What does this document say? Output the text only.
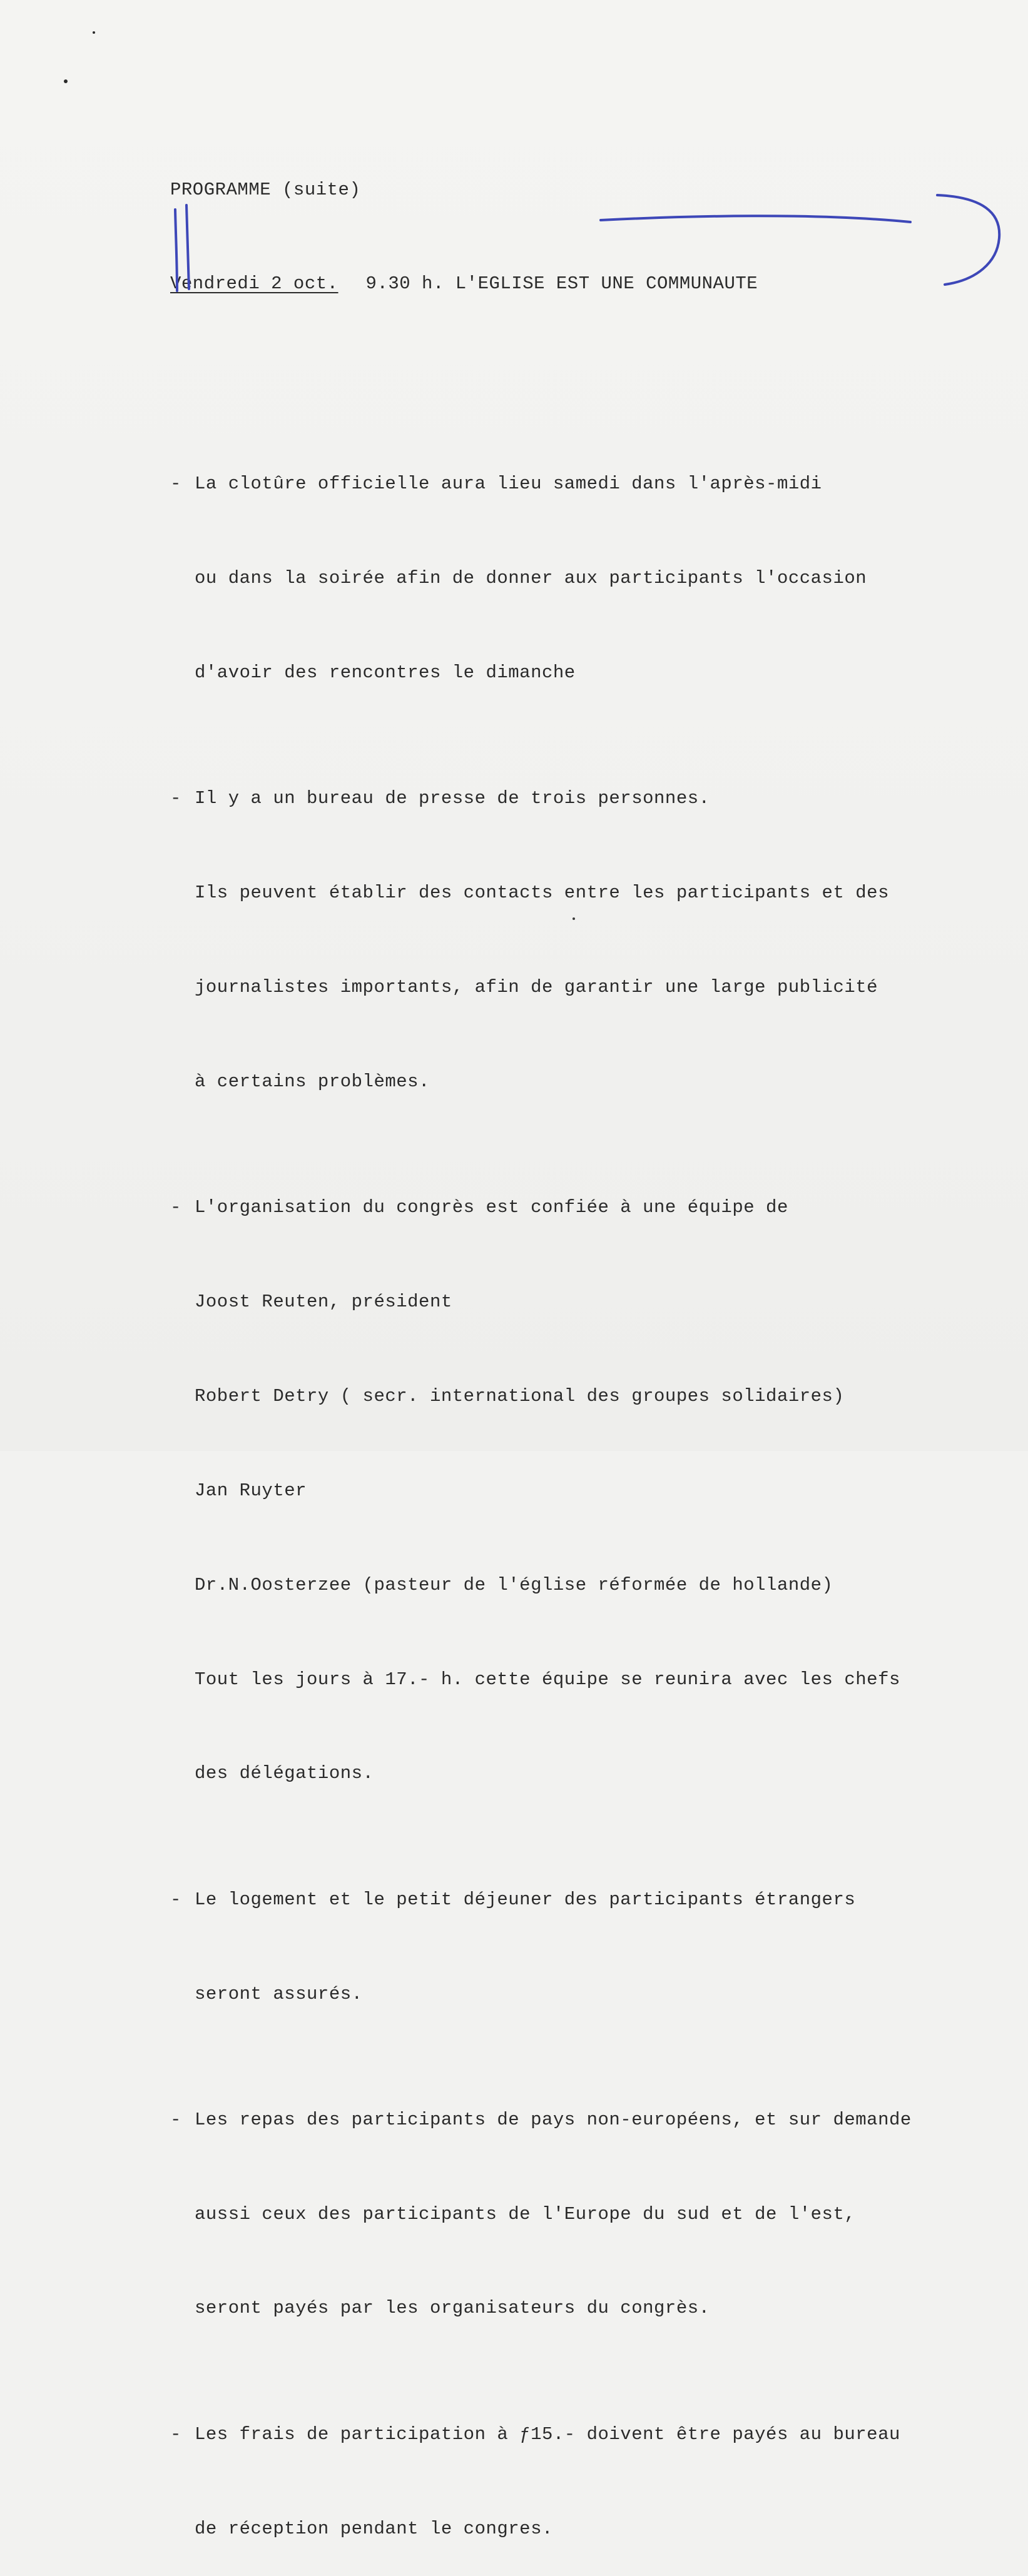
PROGRAMME (suite)

Vendredi 2 oct. 9.30 h. L'EGLISE EST UNE COMMUNAUTE

- La clotûre officielle aura lieu samedi dans l'après-midi

ou dans la soirée afin de donner aux participants l'occasion

d'avoir des rencontres le dimanche

- Il y a un bureau de presse de trois personnes.

Ils peuvent établir des contacts entre les participants et des

journalistes importants, afin de garantir une large publicité

à certains problèmes.

- L'organisation du congrès est confiée à une équipe de

Joost Reuten, président

Robert Detry ( secr. international des groupes solidaires)

Jan Ruyter

Dr.N.Oosterzee (pasteur de l'église réformée de hollande)

Tout les jours à 17.- h. cette équipe se reunira avec les chefs

des délégations.

- Le logement et le petit déjeuner des participants étrangers

seront assurés.

- Les repas des participants de pays non-européens, et sur demande

aussi ceux des participants de l'Europe du sud et de l'est,

seront payés par les organisateurs du congrès.

- Les frais de participation à ƒ15.- doivent être payés au bureau

de réception pendant le congres.
